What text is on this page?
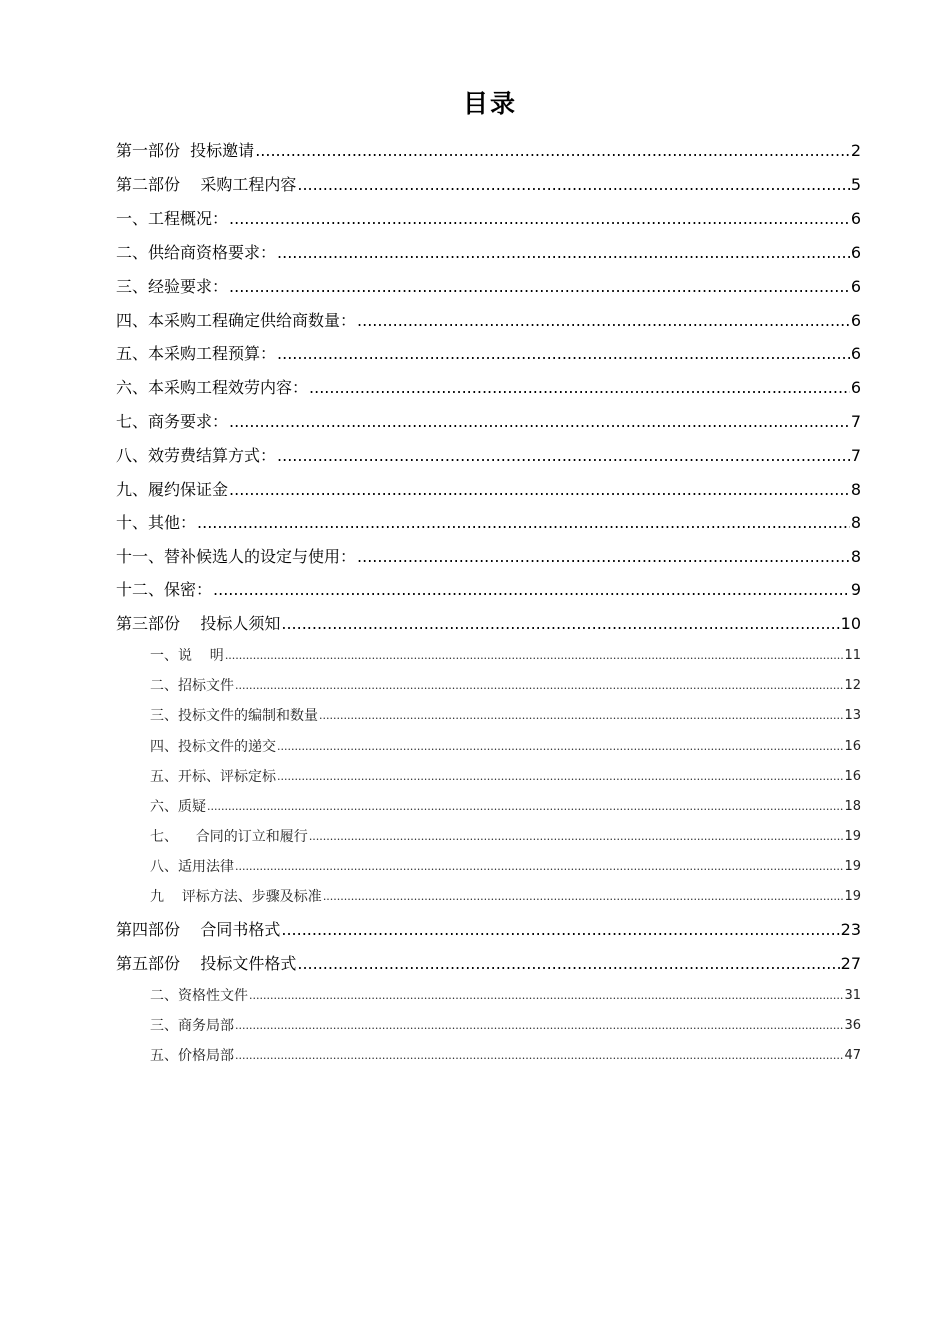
目录
第一部份  投标邀请 .....	2
第二部份    采购工程内容 .....	5
一、工程概况： .....	6
二、供给商资格要求： .....	6
三、经验要求： .....	6
四、本采购工程确定供给商数量： .....	6
五、本采购工程预算： .....	6
六、本采购工程效劳内容： .....	6
七、商务要求： .....	7
八、效劳费结算方式： .....	7
九、履约保证金 .....	8
十、其他： .....	8
十一、替补候选人的设定与使用： .....	8
十二、保密： .....	9
第三部份    投标人须知 .....	10
一、说    明 .....	11
二、招标文件 .....	12
三、投标文件的编制和数量 .....	13
四、投标文件的递交 .....	16
五、开标、评标定标 .....	16
六、质疑 .....	18
七、    合同的订立和履行 .....	19
八、适用法律 .....	19
九    评标方法、步骤及标准 .....	19
第四部份    合同书格式 .....	23
第五部份    投标文件格式 .....	27
二、资格性文件 .....	31
三、商务局部 .....	36
五、价格局部 .....	47
